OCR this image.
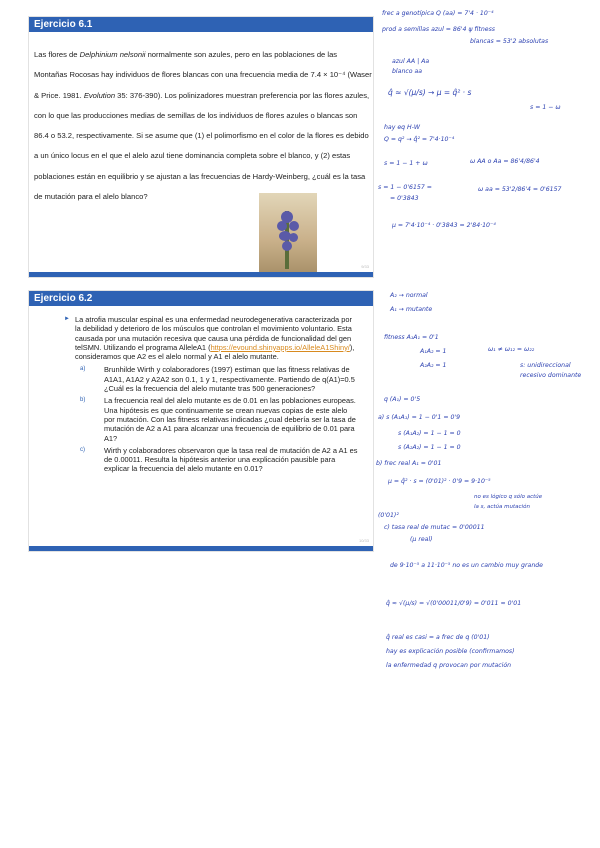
Ejercicio 6.1
Las flores de Delphinium nelsonii normalmente son azules, pero en las poblaciones de las Montañas Rocosas hay individuos de flores blancas con una frecuencia media de 7.4 × 10⁻⁴ (Waser & Price. 1981. Evolution 35: 376-390). Los polinizadores muestran preferencia por las flores azules, con lo que las producciones medias de semillas de los individuos de flores azules o blancas son 86.4 o 53.2, respectivamente. Si se asume que (1) el polimorfismo en el color de la flores es debido a un único locus en el que el alelo azul tiene dominancia completa sobre el blanco, y (2) estas poblaciones están en equilibrio y se ajustan a las frecuencias de Hardy-Weinberg, ¿cuál es la tasa de mutación para el alelo blanco?
9/33
Ejercicio 6.2
► La atrofia muscular espinal es una enfermedad neurodegenerativa caracterizada por la debilidad y deterioro de los músculos que controlan el movimiento voluntario. Esta causada por una mutación recesiva que causa una pérdida de funcionalidad del gen telSMN. Utilizando el programa AlleleA1 (https://evound.shinyapps.io/AlleleA1Shiny/), consideramos que A2 es el alelo normal y A1 el alelo mutante.
a)	Brunhilde Wirth y colaboradores (1997) estiman que las fitness relativas de A1A1, A1A2 y A2A2 son 0.1, 1 y 1, respectivamente. Partiendo de q(A1)=0.5 ¿Cuál es la frecuencia del alelo mutante tras 500 generaciones?
b)	La frecuencia real del alelo mutante es de 0.01 en las poblaciones europeas. Una hipótesis es que continuamente se crean nuevas copias de este alelo por mutación. Con las fitness relativas indicadas ¿cual debería ser la tasa de mutación de A2 a A1 para alcanzar una frecuencia de equilibrio de 0.01 para A1?
c)	Wirth y colaboradores observaron que la tasa real de mutación de A2 a A1 es de 0.00011. Resulta la hipótesis anterior una explicación pausible para explicar la frecuencia del alelo mutante en 0.01?
10/33
frec a genotípica Q (aa) = 7'4 · 10⁻⁴
prod a semillas azul = 86'4 ψ fitness
blancas = 53'2 absolutas
azul AA | Aa
blanco aa
q̂ ≈ √(μ/s) → μ = q̂² · s
s = 1 − ω
hay eq H-W
Q = q² → q̂² = 7'4·10⁻⁴
s = 1 − 1 + ω	ω AA o Aa = 86'4/86'4
s = 1 − 0'6157 =
= 0'3843
ω aa = 53'2/86'4 = 0'6157
μ = 7'4·10⁻⁴ · 0'3843 = 2'84·10⁻⁴
A₂ → normal
A₁ → mutante
fitness A₁A₁ = 0'1
A₁A₂ = 1
A₂A₂ = 1
ω₁ ≠ ω₁₂ = ω₂₂
s: unidireccional
recesivo dominante
q (A₁) = 0'5
a) s (A₁A₁) = 1 − 0'1 = 0'9
s (A₁A₂) = 1 − 1 = 0
s (A₂A₂) = 1 − 1 = 0
b) frec real A₁ = 0'01
μ = q̂² · s = (0'01)² · 0'9 = 9·10⁻⁵
no es lógico q sólo actúe
la s, actúa mutación
c) tasa real de mutac = 0'00011
(μ real)
(0'01)²
de 9·10⁻⁵ a 11·10⁻⁵ no es un cambio muy grande
q̂ ≈ √(μ/s) = √(0'00011/0'9) = 0'011 ≈ 0'01
q̂ real es casi = a frec de q (0'01)
hay es explicación posible (confirmamos)
la enfermedad q provocan por mutación
